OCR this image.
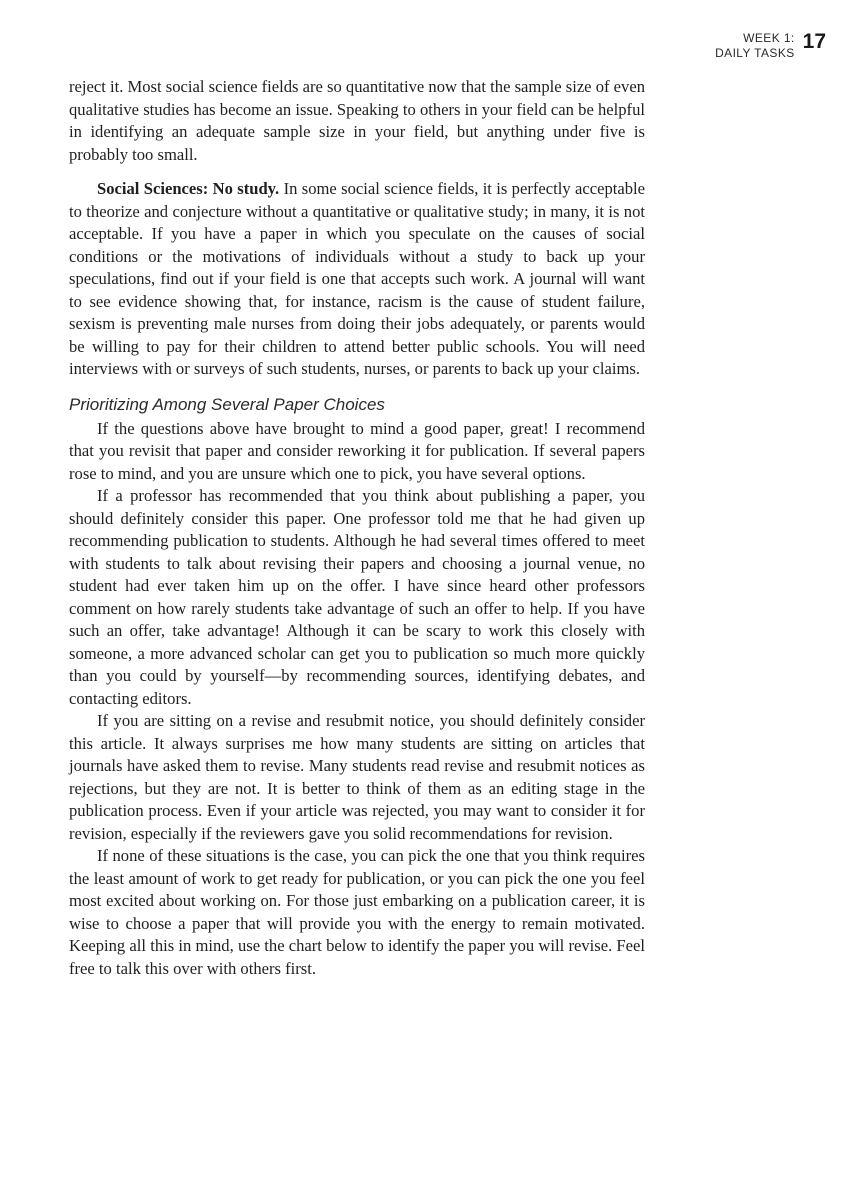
WEEK 1:
DAILY TASKS 17

reject it. Most social science fields are so quantitative now that the sample size of even qualitative studies has become an issue. Speaking to others in your field can be helpful in identifying an adequate sample size in your field, but anything under five is probably too small.

Social Sciences: No study. In some social science fields, it is perfectly acceptable to theorize and conjecture without a quantitative or qualitative study; in many, it is not acceptable. If you have a paper in which you speculate on the causes of social conditions or the motivations of individuals without a study to back up your speculations, find out if your field is one that accepts such work. A journal will want to see evidence showing that, for instance, racism is the cause of student failure, sexism is preventing male nurses from doing their jobs adequately, or parents would be willing to pay for their children to attend better public schools. You will need interviews with or surveys of such students, nurses, or parents to back up your claims.

Prioritizing Among Several Paper Choices

If the questions above have brought to mind a good paper, great! I recommend that you revisit that paper and consider reworking it for publication. If several papers rose to mind, and you are unsure which one to pick, you have several options.

If a professor has recommended that you think about publishing a paper, you should definitely consider this paper. One professor told me that he had given up recommending publication to students. Although he had several times offered to meet with students to talk about revising their papers and choosing a journal venue, no student had ever taken him up on the offer. I have since heard other professors comment on how rarely students take advantage of such an offer to help. If you have such an offer, take advantage! Although it can be scary to work this closely with someone, a more advanced scholar can get you to publication so much more quickly than you could by yourself—by recommending sources, identifying debates, and contacting editors.

If you are sitting on a revise and resubmit notice, you should definitely consider this article. It always surprises me how many students are sitting on articles that journals have asked them to revise. Many students read revise and resubmit notices as rejections, but they are not. It is better to think of them as an editing stage in the publication process. Even if your article was rejected, you may want to consider it for revision, especially if the reviewers gave you solid recommendations for revision.

If none of these situations is the case, you can pick the one that you think requires the least amount of work to get ready for publication, or you can pick the one you feel most excited about working on. For those just embarking on a publication career, it is wise to choose a paper that will provide you with the energy to remain motivated. Keeping all this in mind, use the chart below to identify the paper you will revise. Feel free to talk this over with others first.
